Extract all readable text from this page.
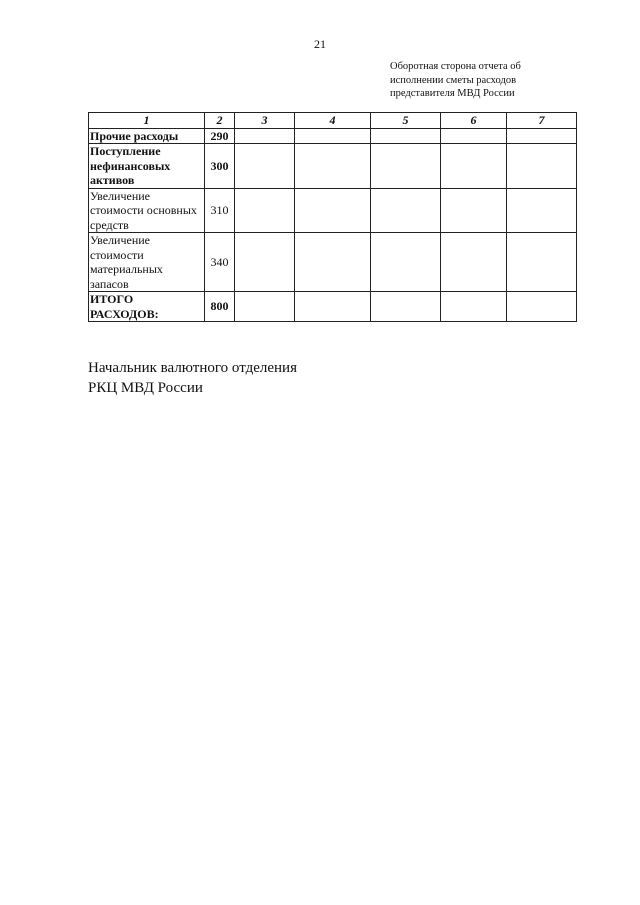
21
Оборотная сторона отчета об
исполнении сметы расходов
представителя МВД России
1	2	3	4	5	6	7
Прочие расходы	290					
Поступление нефинансовых активов	300					
Увеличение стоимости основных средств	310					
Увеличение стоимости материальных запасов	340					
ИТОГО РАСХОДОВ:	800					
Начальник валютного отделения
РКЦ МВД России
